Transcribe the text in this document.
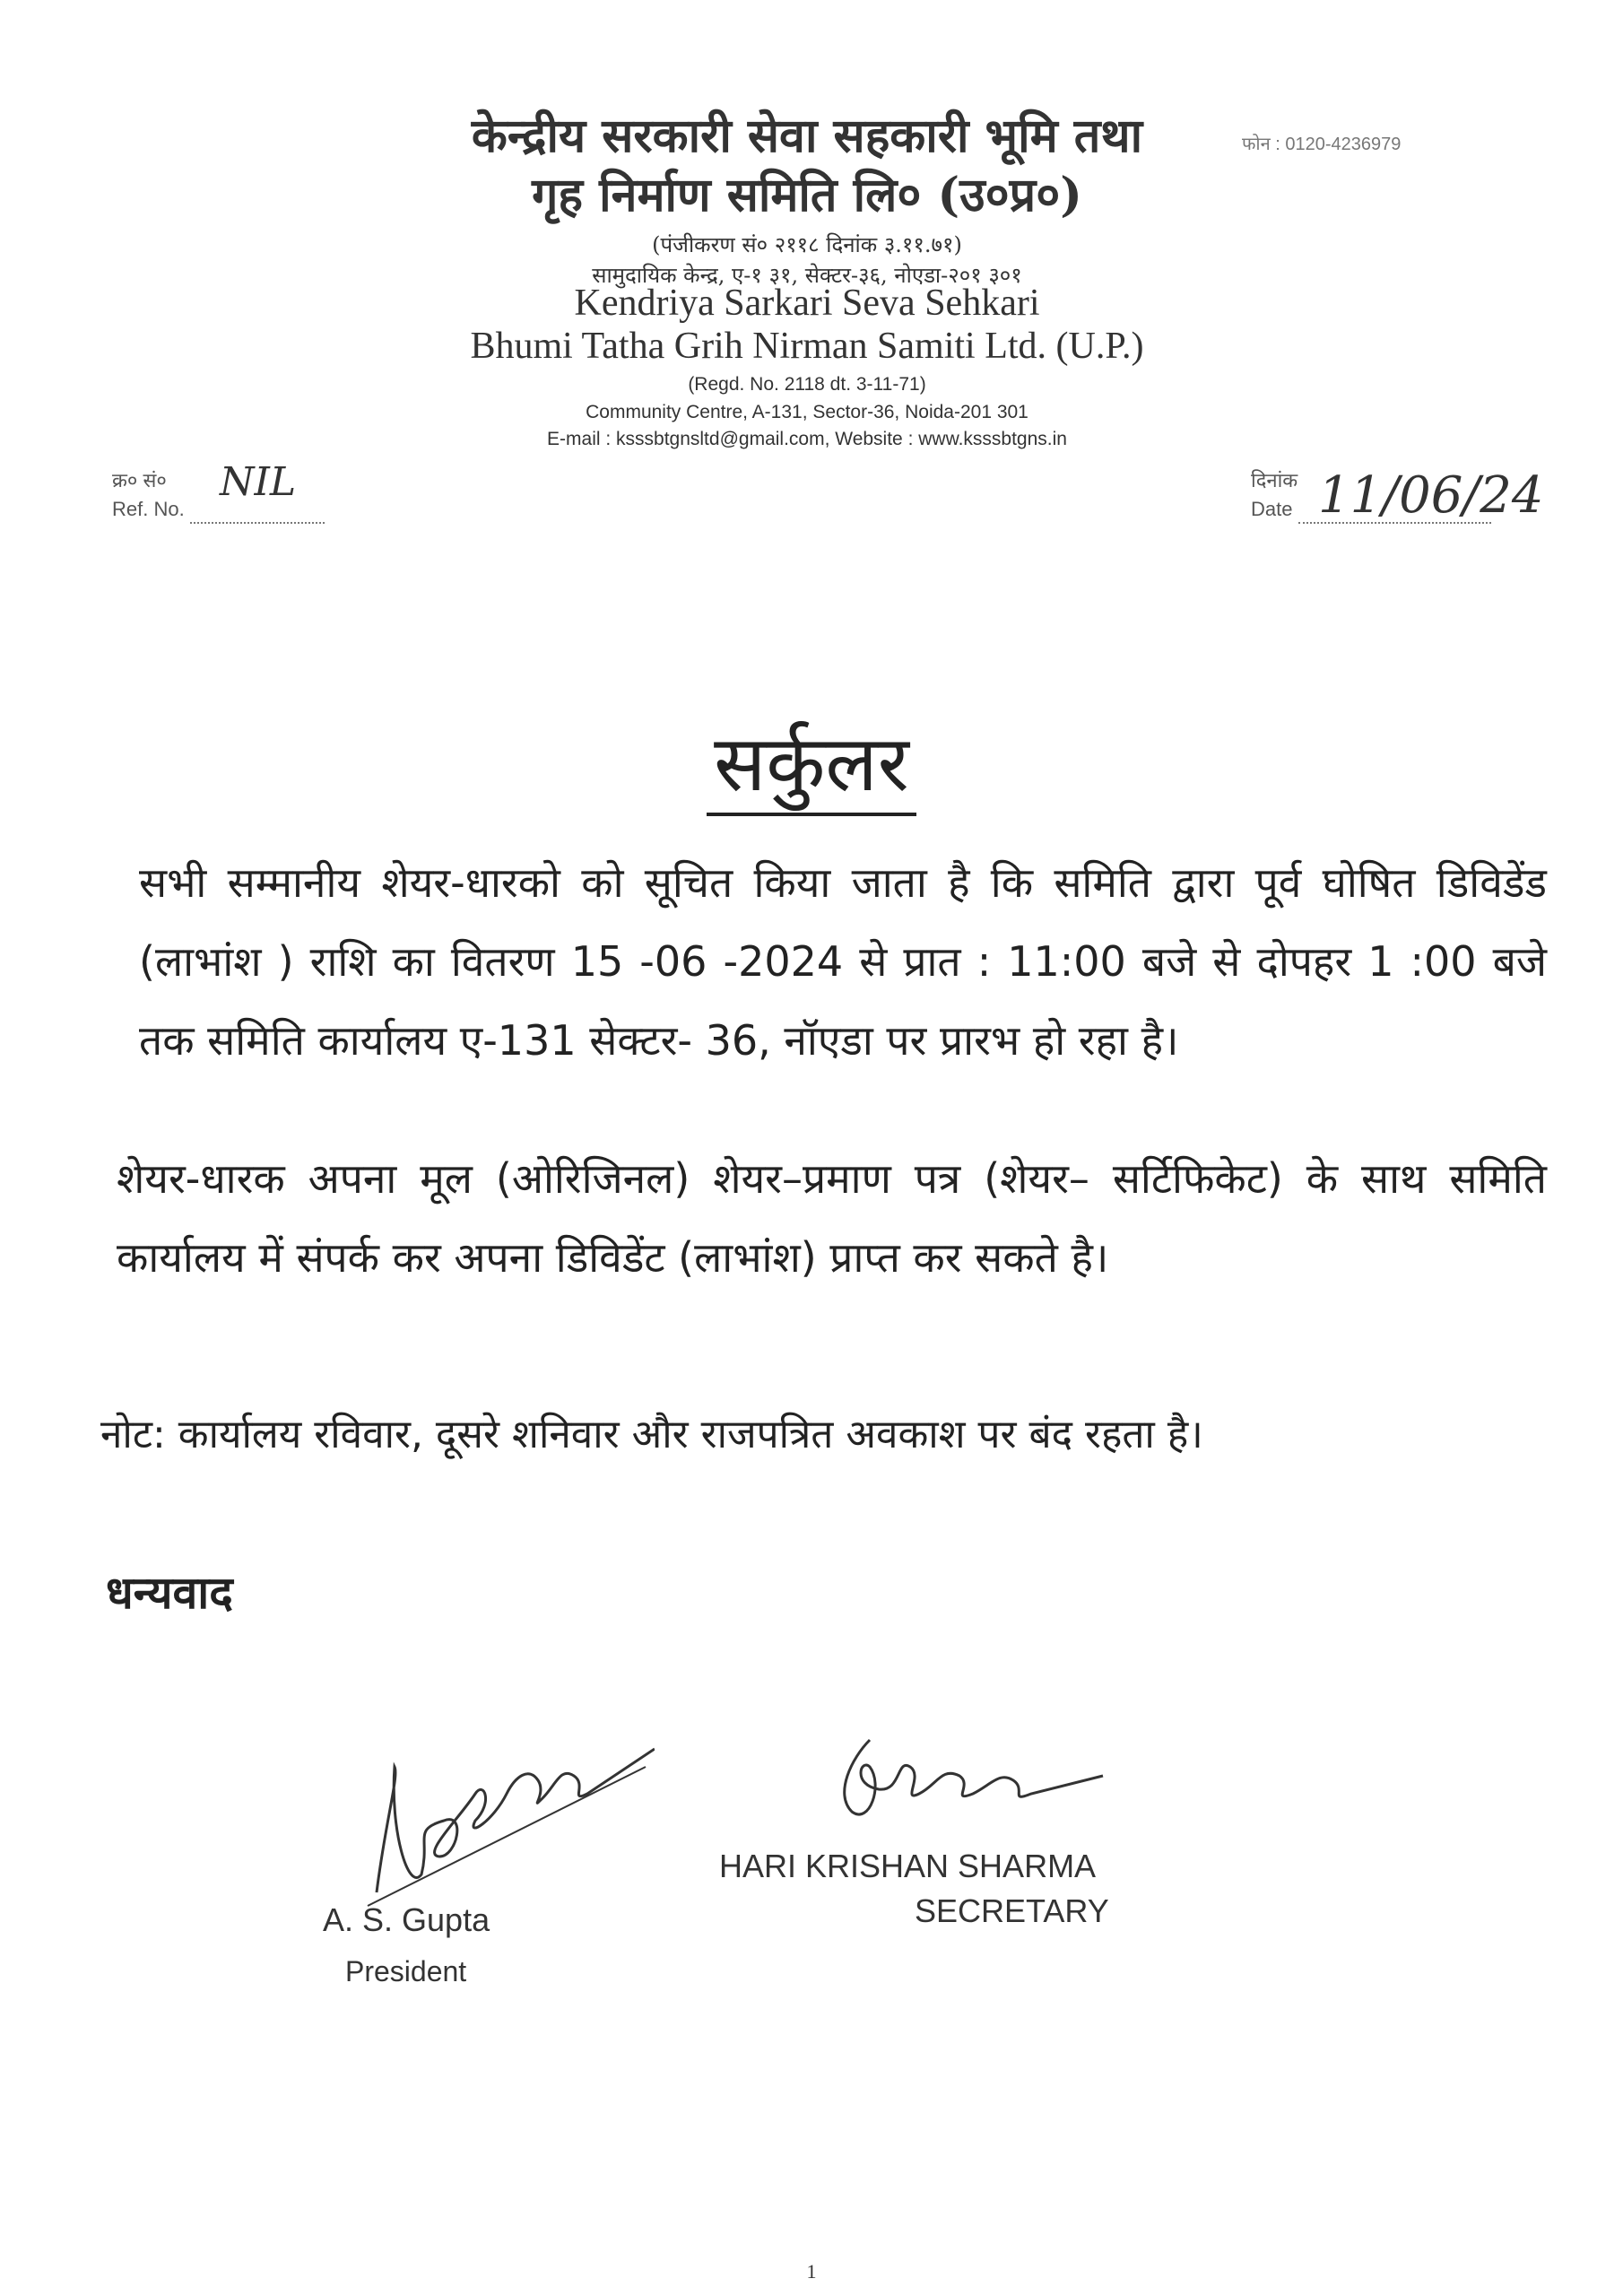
केन्द्रीय सरकारी सेवा सहकारी भूमि तथा
गृह निर्माण समिति लि० (उ०प्र०)
(पंजीकरण सं० २११८ दिनांक ३.११.७१)
सामुदायिक केन्द्र, ए-१ ३१, सेक्टर-३६, नोएडा-२०१ ३०१
Kendriya Sarkari Seva Sehkari
Bhumi Tatha Grih Nirman Samiti Ltd. (U.P.)
(Regd. No. 2118 dt. 3-11-71)
Community Centre, A-131, Sector-36, Noida-201 301
E-mail : ksssbtgnsltd@gmail.com, Website : www.ksssbtgns.in
फोन : 0120-4236979
क्र० सं०
Ref. No.
NIL	दिनांक
Date 11/06/24
सर्कुलर
सभी सम्मानीय शेयर-धारको को सूचित किया जाता है कि समिति द्वारा पूर्व घोषित डिविडेंड (लाभांश ) राशि का वितरण 15 -06 -2024 से प्रात : 11:00 बजे से दोपहर 1 :00 बजे तक समिति कार्यालय ए-131 सेक्टर- 36, नॉएडा पर प्रारभ हो रहा है।
शेयर-धारक अपना मूल (ओरिजिनल) शेयर–प्रमाण पत्र (शेयर– सर्टिफिकेट) के साथ समिति कार्यालय में संपर्क कर अपना डिविडेंट (लाभांश) प्राप्त कर सकते है।
नोट: कार्यालय रविवार, दूसरे शनिवार और राजपत्रित अवकाश पर बंद रहता है।
धन्यवाद
A. S. Gupta
President
HARI KRISHAN SHARMA
SECRETARY
1
